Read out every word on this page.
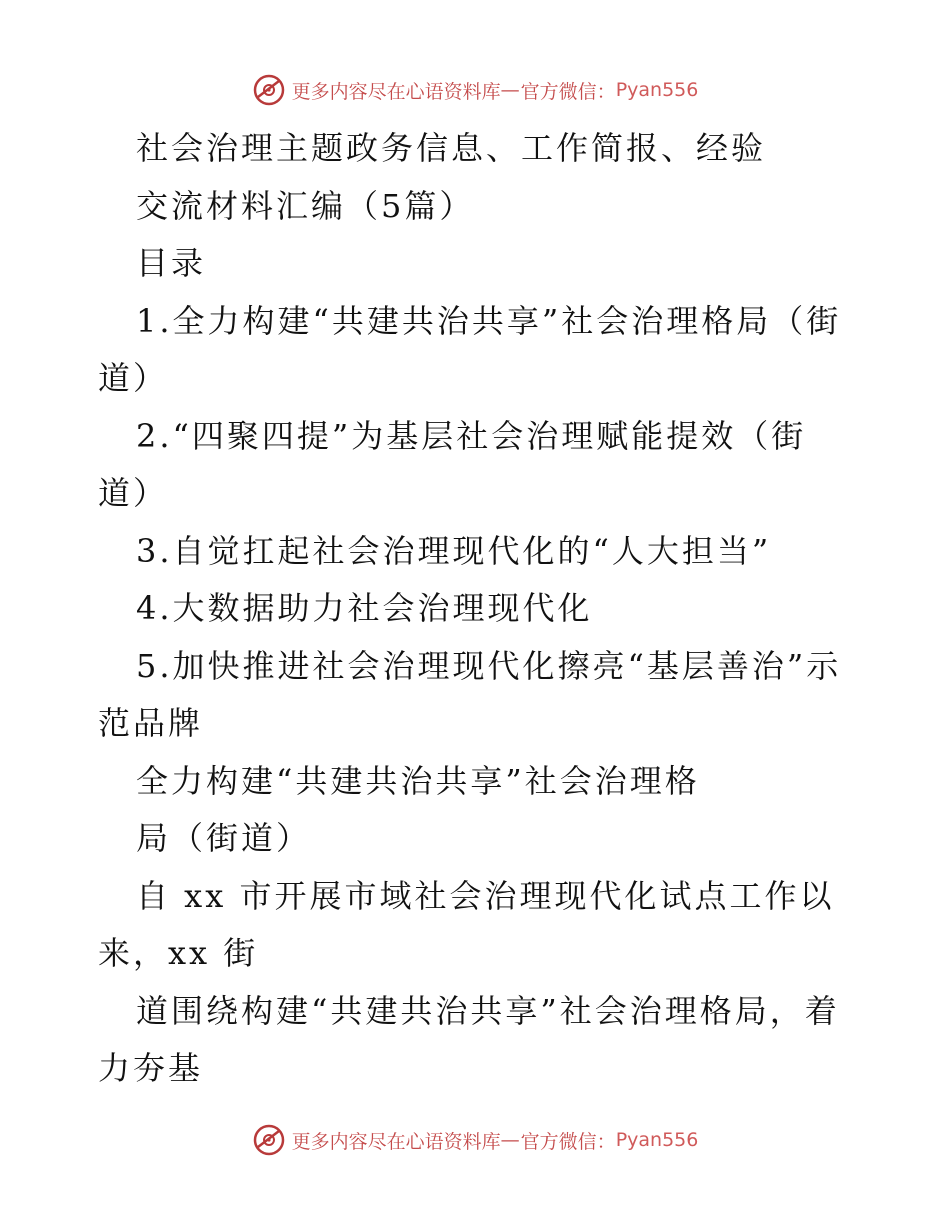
更多内容尽在心语资料库 — 官方微信： Pyan556

社会治理主题政务信息、工作简报、经验

交流材料汇编（5篇）

目录

1.全力构建“共建共治共享”社会治理格局（街道）

2.“四聚四提”为基层社会治理赋能提效（街道）

3.自觉扛起社会治理现代化的“人大担当”

4.大数据助力社会治理现代化

5.加快推进社会治理现代化擦亮“基层善治”示范品牌

全力构建“共建共治共享”社会治理格

局（街道）

自 xx 市开展市域社会治理现代化试点工作以来，xx 街

道围绕构建“共建共治共享”社会治理格局，着力夯基

更多内容尽在心语资料库 — 官方微信： Pyan556
